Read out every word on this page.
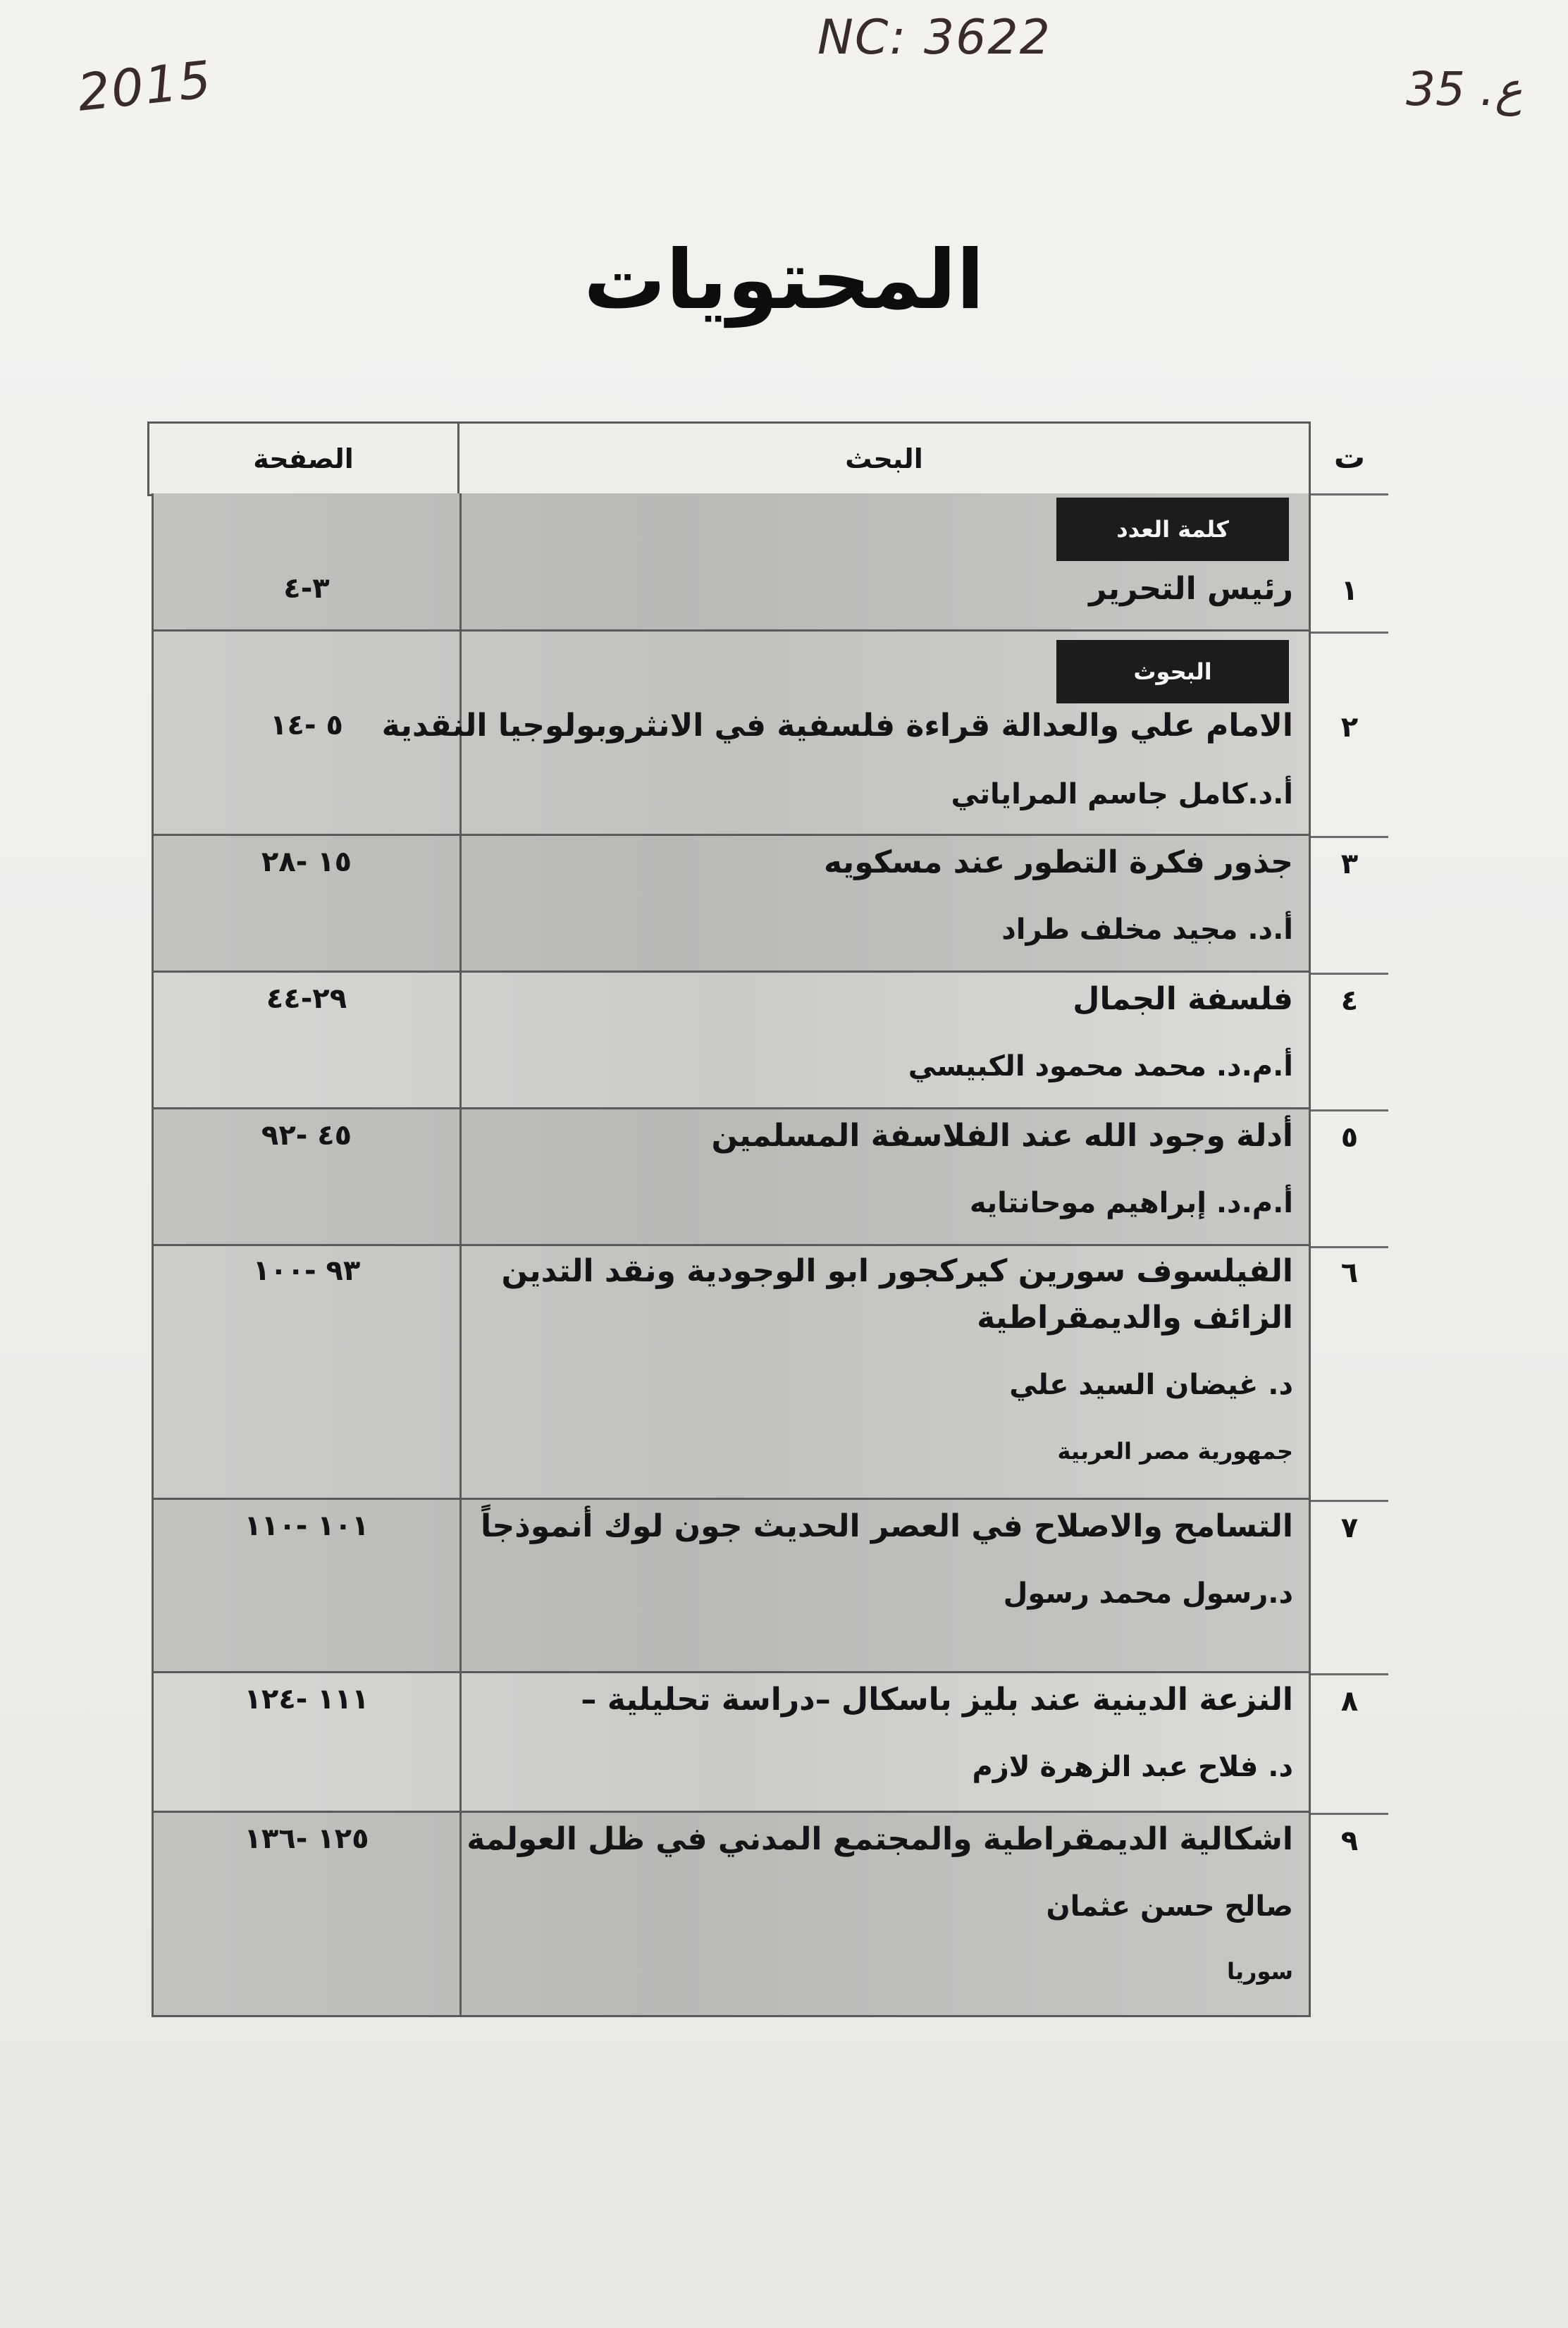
2015
NC: 3622
35 .ع
المحتويات
ت
البحث
الصفحة
١
كلمة العدد
رئيس التحرير
٣-٤
٢
البحوث
الامام علي والعدالة قراءة فلسفية في الانثروبولوجيا النقدية
أ.د.كامل جاسم المراياتي
٥ -١٤
٣
جذور فكرة التطور عند مسكويه
أ.د. مجيد مخلف طراد
١٥ -٢٨
٤
فلسفة الجمال
أ.م.د. محمد محمود الكبيسي
٢٩-٤٤
٥
أدلة وجود الله عند الفلاسفة المسلمين
أ.م.د. إبراهيم موحانتايه
٤٥ -٩٢
٦
الفيلسوف سورين كيركجور ابو الوجودية ونقد التدين
الزائف والديمقراطية
د. غيضان السيد علي
جمهورية مصر العربية
٩٣ -١٠٠
٧
التسامح والاصلاح في العصر الحديث جون لوك أنموذجاً
د.رسول محمد رسول
١٠١ -١١٠
٨
النزعة الدينية عند بليز باسكال –دراسة تحليلية –
د. فلاح عبد الزهرة لازم
١١١ -١٢٤
٩
اشكالية الديمقراطية والمجتمع المدني في ظل العولمة
صالح حسن عثمان
سوريا
١٢٥ -١٣٦
